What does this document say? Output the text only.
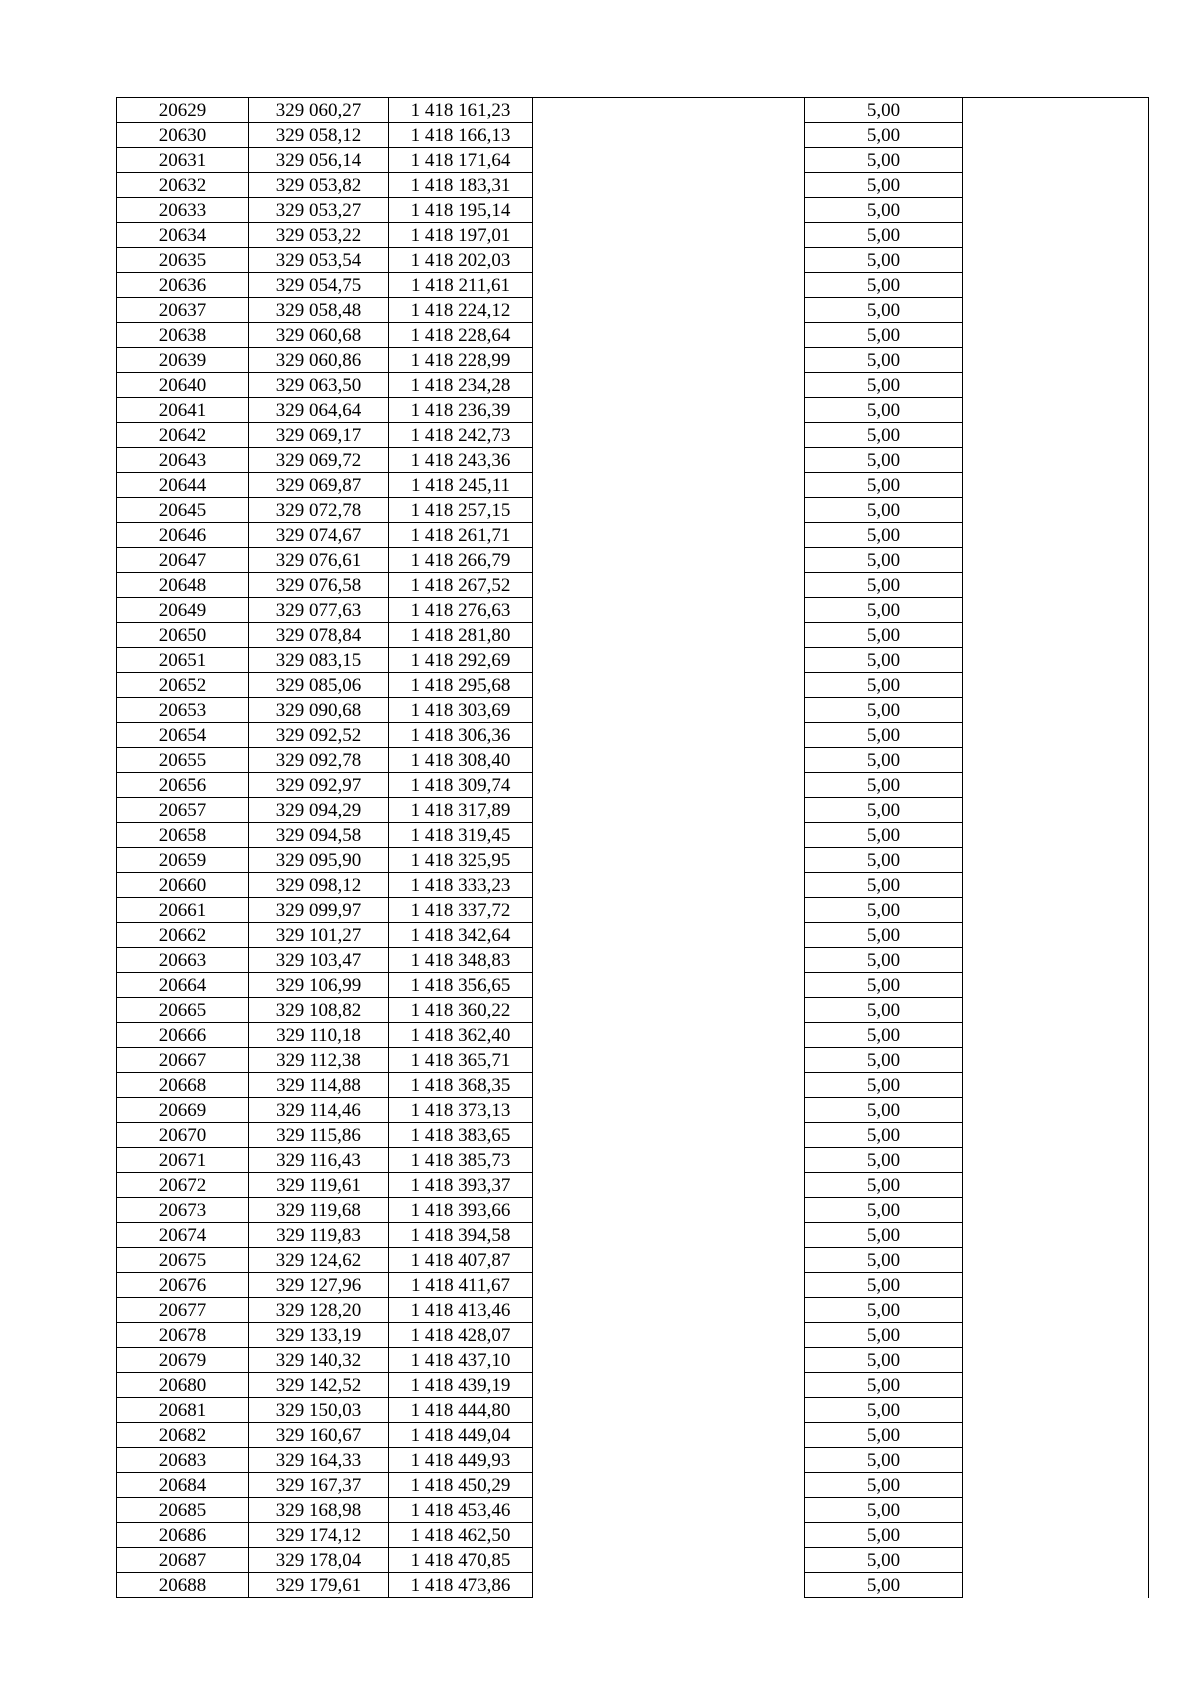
20629	329 060,27	1 418 161,23		5,00	
20630	329 058,12	1 418 166,13		5,00	
20631	329 056,14	1 418 171,64		5,00	
20632	329 053,82	1 418 183,31		5,00	
20633	329 053,27	1 418 195,14		5,00	
20634	329 053,22	1 418 197,01		5,00	
20635	329 053,54	1 418 202,03		5,00	
20636	329 054,75	1 418 211,61		5,00	
20637	329 058,48	1 418 224,12		5,00	
20638	329 060,68	1 418 228,64		5,00	
20639	329 060,86	1 418 228,99		5,00	
20640	329 063,50	1 418 234,28		5,00	
20641	329 064,64	1 418 236,39		5,00	
20642	329 069,17	1 418 242,73		5,00	
20643	329 069,72	1 418 243,36		5,00	
20644	329 069,87	1 418 245,11		5,00	
20645	329 072,78	1 418 257,15		5,00	
20646	329 074,67	1 418 261,71		5,00	
20647	329 076,61	1 418 266,79		5,00	
20648	329 076,58	1 418 267,52		5,00	
20649	329 077,63	1 418 276,63		5,00	
20650	329 078,84	1 418 281,80		5,00	
20651	329 083,15	1 418 292,69		5,00	
20652	329 085,06	1 418 295,68		5,00	
20653	329 090,68	1 418 303,69		5,00	
20654	329 092,52	1 418 306,36		5,00	
20655	329 092,78	1 418 308,40		5,00	
20656	329 092,97	1 418 309,74		5,00	
20657	329 094,29	1 418 317,89		5,00	
20658	329 094,58	1 418 319,45		5,00	
20659	329 095,90	1 418 325,95		5,00	
20660	329 098,12	1 418 333,23		5,00	
20661	329 099,97	1 418 337,72		5,00	
20662	329 101,27	1 418 342,64		5,00	
20663	329 103,47	1 418 348,83		5,00	
20664	329 106,99	1 418 356,65		5,00	
20665	329 108,82	1 418 360,22		5,00	
20666	329 110,18	1 418 362,40		5,00	
20667	329 112,38	1 418 365,71		5,00	
20668	329 114,88	1 418 368,35		5,00	
20669	329 114,46	1 418 373,13		5,00	
20670	329 115,86	1 418 383,65		5,00	
20671	329 116,43	1 418 385,73		5,00	
20672	329 119,61	1 418 393,37		5,00	
20673	329 119,68	1 418 393,66		5,00	
20674	329 119,83	1 418 394,58		5,00	
20675	329 124,62	1 418 407,87		5,00	
20676	329 127,96	1 418 411,67		5,00	
20677	329 128,20	1 418 413,46		5,00	
20678	329 133,19	1 418 428,07		5,00	
20679	329 140,32	1 418 437,10		5,00	
20680	329 142,52	1 418 439,19		5,00	
20681	329 150,03	1 418 444,80		5,00	
20682	329 160,67	1 418 449,04		5,00	
20683	329 164,33	1 418 449,93		5,00	
20684	329 167,37	1 418 450,29		5,00	
20685	329 168,98	1 418 453,46		5,00	
20686	329 174,12	1 418 462,50		5,00	
20687	329 178,04	1 418 470,85		5,00	
20688	329 179,61	1 418 473,86		5,00	
